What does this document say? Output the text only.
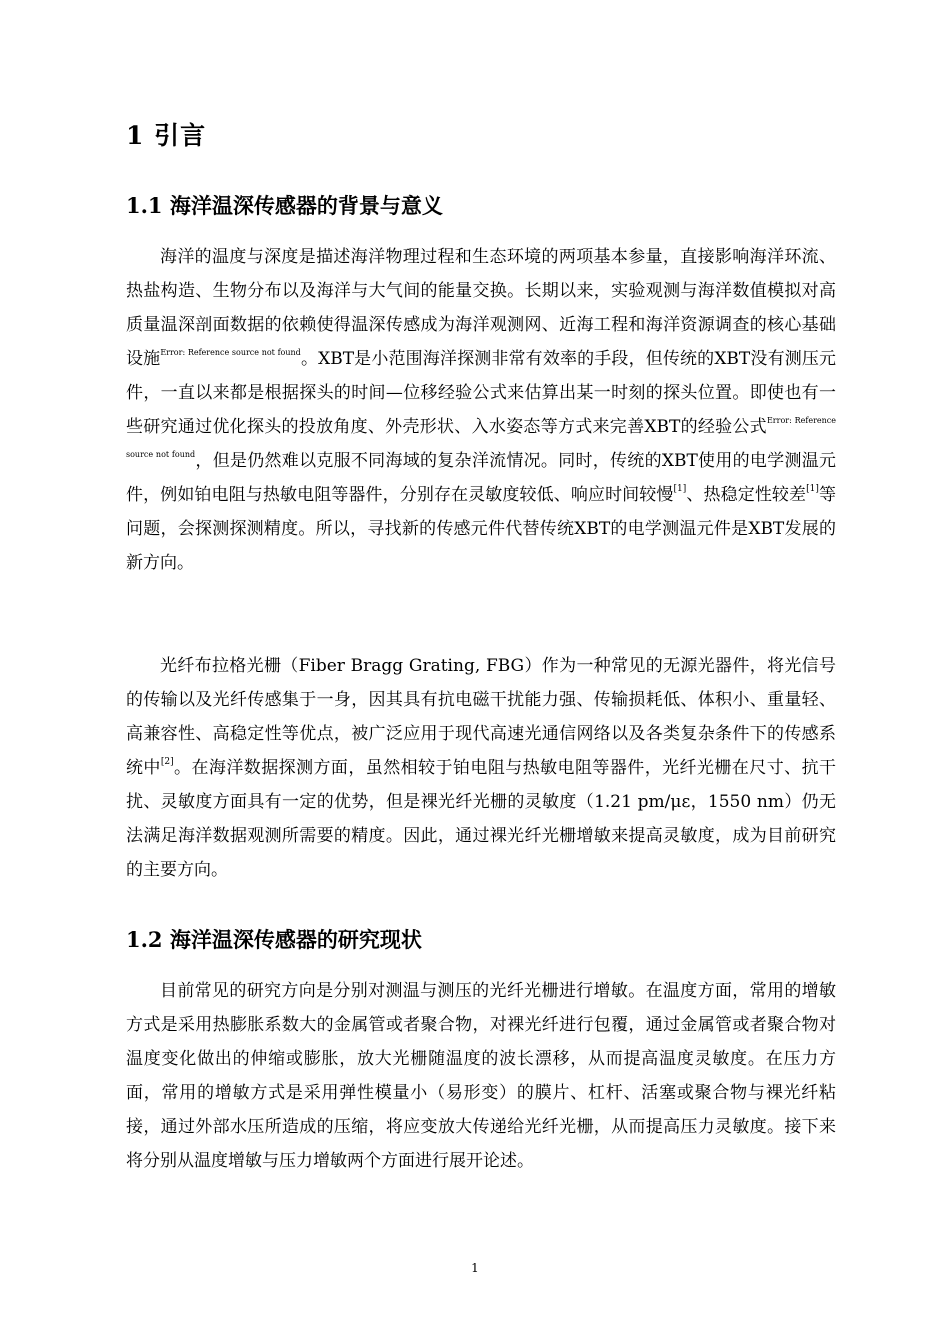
1 引言
1.1 海洋温深传感器的背景与意义

海洋的温度与深度是描述海洋物理过程和生态环境的两项基本参量，直接影响海洋环流、热盐构造、生物分布以及海洋与大气间的能量交换。长期以来，实验观测与海洋数值模拟对高质量温深剖面数据的依赖使得温深传感成为海洋观测网、近海工程和海洋资源调查的核心基础设施$^{Error: Reference source not found}$。XBT是小范围海洋探测非常有效率的手段，但传统的XBT没有测压元件，一直以来都是根据探头的时间—位移经验公式来估算出某一时刻的探头位置。即使也有一些研究通过优化探头的投放角度、外壳形状、入水姿态等方式来完善XBT的经验公式$^{Error: Reference source not found}$，但是仍然难以克服不同海域的复杂洋流情况。同时，传统的XBT使用的电学测温元件，例如铂电阻与热敏电阻等器件，分别存在灵敏度较低、响应时间较慢[1]、热稳定性较差[1]等问题，会探测探测精度。所以，寻找新的传感元件代替传统XBT的电学测温元件是XBT发展的新方向。

光纤布拉格光栅（Fiber Bragg Grating, FBG）作为一种常见的无源光器件，将光信号的传输以及光纤传感集于一身，因其具有抗电磁干扰能力强、传输损耗低、体积小、重量轻、高兼容性、高稳定性等优点，被广泛应用于现代高速光通信网络以及各类复杂条件下的传感系统中[2]。在海洋数据探测方面，虽然相较于铂电阻与热敏电阻等器件，光纤光栅在尺寸、抗干扰、灵敏度方面具有一定的优势，但是裸光纤光栅的灵敏度（1.21 pm/με，1550 nm）仍无法满足海洋数据观测所需要的精度。因此，通过裸光纤光栅增敏来提高灵敏度，成为目前研究的主要方向。

1.2 海洋温深传感器的研究现状

目前常见的研究方向是分别对测温与测压的光纤光栅进行增敏。在温度方面，常用的增敏方式是采用热膨胀系数大的金属管或者聚合物，对裸光纤进行包覆，通过金属管或者聚合物对温度变化做出的伸缩或膨胀，放大光栅随温度的波长漂移，从而提高温度灵敏度。在压力方面，常用的增敏方式是采用弹性模量小（易形变）的膜片、杠杆、活塞或聚合物与裸光纤粘接，通过外部水压所造成的压缩，将应变放大传递给光纤光栅，从而提高压力灵敏度。接下来将分别从温度增敏与压力增敏两个方面进行展开论述。

1
